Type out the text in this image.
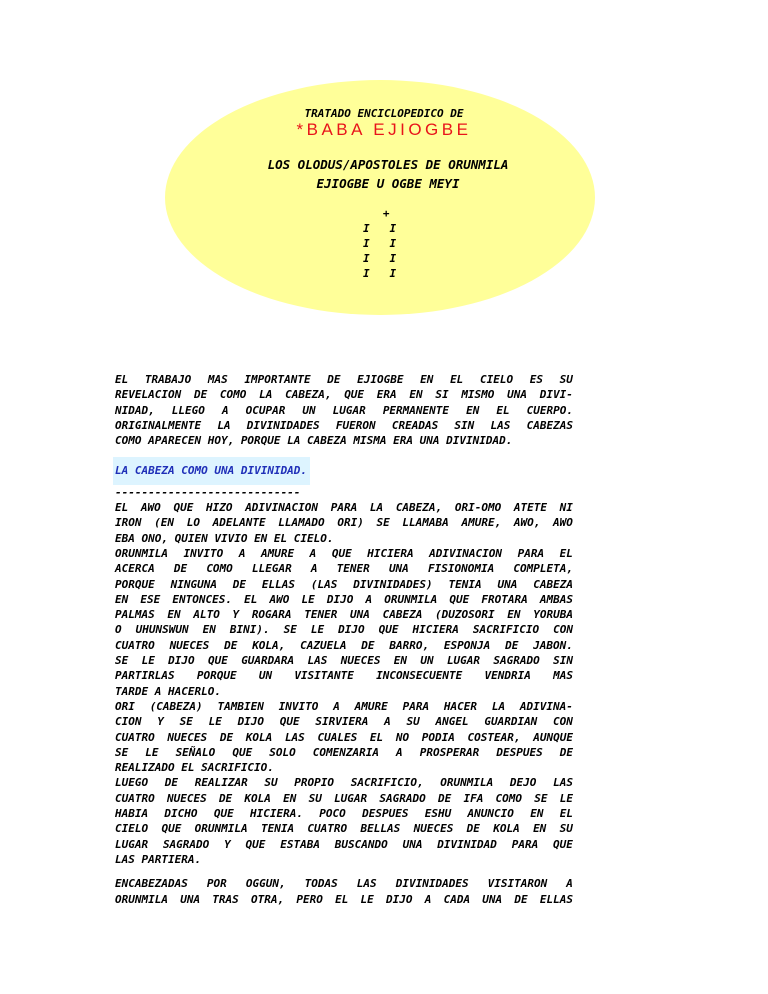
TRATADO ENCICLOPEDICO DE
*BABA EJIOGBE
LOS OLODUS/APOSTOLES DE ORUNMILA
EJIOGBE U OGBE MEYI
+
I   I
I   I
I   I
I   I
EL TRABAJO MAS IMPORTANTE DE EJIOGBE EN EL CIELO ES SU
REVELACION DE COMO LA CABEZA, QUE ERA EN SI MISMO UNA DIVI-
NIDAD, LLEGO A OCUPAR UN LUGAR PERMANENTE EN EL CUERPO.
ORIGINALMENTE LA DIVINIDADES FUERON CREADAS SIN LAS CABEZAS
COMO APARECEN HOY, PORQUE LA CABEZA MISMA ERA UNA DIVINIDAD.
LA CABEZA COMO UNA DIVINIDAD.
----------------------------
EL AWO QUE HIZO ADIVINACION PARA LA CABEZA, ORI-OMO ATETE NI
IRON (EN LO ADELANTE LLAMADO ORI) SE LLAMABA AMURE, AWO, AWO
EBA ONO, QUIEN VIVIO EN EL CIELO.
ORUNMILA INVITO A AMURE A QUE HICIERA ADIVINACION PARA EL
ACERCA DE COMO LLEGAR A TENER UNA FISIONOMIA COMPLETA,
PORQUE NINGUNA DE ELLAS (LAS DIVINIDADES) TENIA UNA CABEZA
EN ESE ENTONCES. EL AWO LE DIJO A ORUNMILA QUE FROTARA AMBAS
PALMAS EN ALTO Y ROGARA TENER UNA CABEZA (DUZOSORI EN YORUBA
O UHUNSWUN EN BINI). SE LE DIJO QUE HICIERA SACRIFICIO CON
CUATRO NUECES DE KOLA, CAZUELA DE BARRO, ESPONJA DE JABON.
SE LE DIJO QUE GUARDARA LAS NUECES EN UN LUGAR SAGRADO SIN
PARTIRLAS PORQUE UN VISITANTE INCONSECUENTE VENDRIA MAS
TARDE A HACERLO.
ORI (CABEZA) TAMBIEN INVITO A AMURE PARA HACER LA ADIVINA-
CION Y SE LE DIJO QUE SIRVIERA A SU ANGEL GUARDIAN CON
CUATRO NUECES DE KOLA LAS CUALES EL NO PODIA COSTEAR, AUNQUE
SE LE SEÑALO QUE SOLO COMENZARIA A PROSPERAR DESPUES DE
REALIZADO EL SACRIFICIO.
LUEGO DE REALIZAR SU PROPIO SACRIFICIO, ORUNMILA DEJO LAS
CUATRO NUECES DE KOLA EN SU LUGAR SAGRADO DE IFA COMO SE LE
HABIA DICHO QUE HICIERA. POCO DESPUES ESHU ANUNCIO EN EL
CIELO QUE ORUNMILA TENIA CUATRO BELLAS NUECES DE KOLA EN SU
LUGAR SAGRADO Y QUE ESTABA BUSCANDO UNA DIVINIDAD PARA QUE
LAS PARTIERA.
ENCABEZADAS POR OGGUN, TODAS LAS DIVINIDADES VISITARON A
ORUNMILA UNA TRAS OTRA, PERO EL LE DIJO A CADA UNA DE ELLAS
